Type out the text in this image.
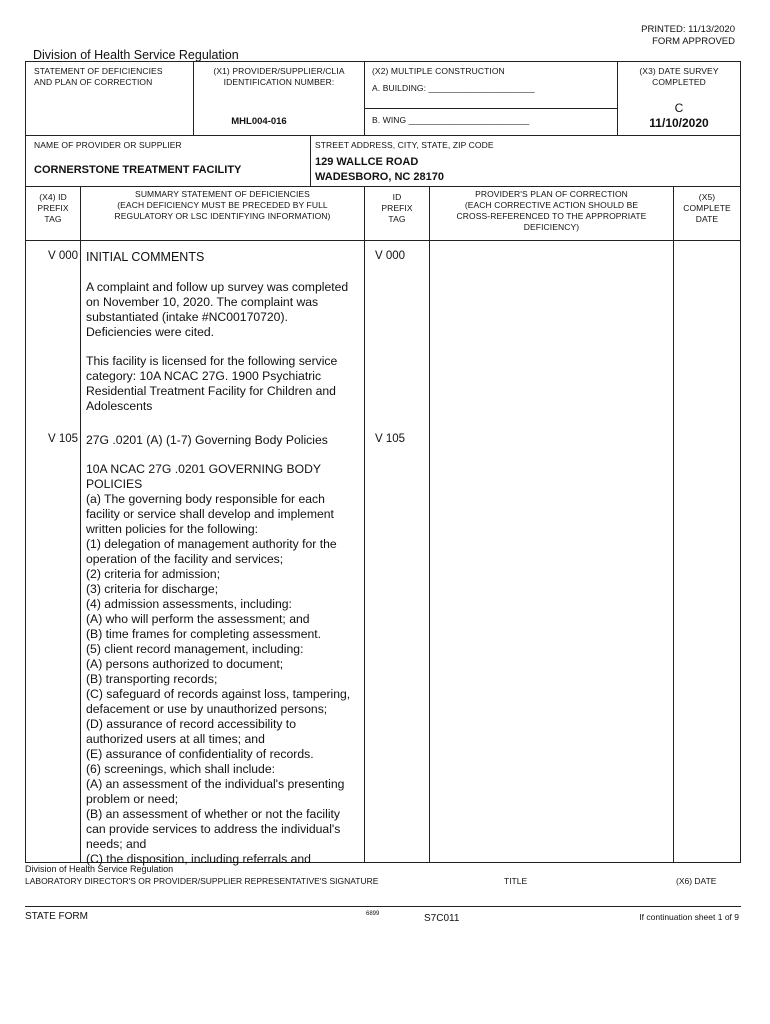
PRINTED: 11/13/2020
FORM APPROVED
Division of Health Service Regulation
STATEMENT OF DEFICIENCIES
AND PLAN OF CORRECTION
(X1) PROVIDER/SUPPLIER/CLIA
IDENTIFICATION NUMBER:
MHL004-016
(X2) MULTIPLE CONSTRUCTION
A. BUILDING: ______________________
B. WING _________________________
(X3) DATE SURVEY
COMPLETED
C
11/10/2020
NAME OF PROVIDER OR SUPPLIER
CORNERSTONE TREATMENT FACILITY
STREET ADDRESS, CITY, STATE, ZIP CODE
129 WALLCE ROAD
WADESBORO, NC 28170
(X4) ID
PREFIX
TAG
SUMMARY STATEMENT OF DEFICIENCIES
(EACH DEFICIENCY MUST BE PRECEDED BY FULL
REGULATORY OR LSC IDENTIFYING INFORMATION)
ID
PREFIX
TAG
PROVIDER'S PLAN OF CORRECTION
(EACH CORRECTIVE ACTION SHOULD BE
CROSS-REFERENCED TO THE APPROPRIATE
DEFICIENCY)
(X5)
COMPLETE
DATE
V 000	V 000
INITIAL COMMENTS
A complaint and follow up survey was completed
on November 10, 2020. The complaint was
substantiated (intake #NC00170720).
Deficiencies were cited.
This facility is licensed for the following service
category: 10A NCAC 27G. 1900 Psychiatric
Residential Treatment Facility for Children and
Adolescents
V 105	V 105
27G .0201 (A) (1-7) Governing Body Policies
10A NCAC 27G .0201 GOVERNING BODY
POLICIES
(a) The governing body responsible for each
facility or service shall develop and implement
written policies for the following:
(1) delegation of management authority for the
operation of the facility and services;
(2) criteria for admission;
(3) criteria for discharge;
(4) admission assessments, including:
(A) who will perform the assessment; and
(B) time frames for completing assessment.
(5) client record management, including:
(A) persons authorized to document;
(B) transporting records;
(C) safeguard of records against loss, tampering,
defacement or use by unauthorized persons;
(D) assurance of record accessibility to
authorized users at all times; and
(E) assurance of confidentiality of records.
(6) screenings, which shall include:
(A) an assessment of the individual's presenting
problem or need;
(B) an assessment of whether or not the facility
can provide services to address the individual's
needs; and
(C) the disposition, including referrals and
Division of Health Service Regulation
LABORATORY DIRECTOR'S OR PROVIDER/SUPPLIER REPRESENTATIVE'S SIGNATURE	TITLE	(X6) DATE
STATE FORM	6899	S7C011	If continuation sheet 1 of 9
